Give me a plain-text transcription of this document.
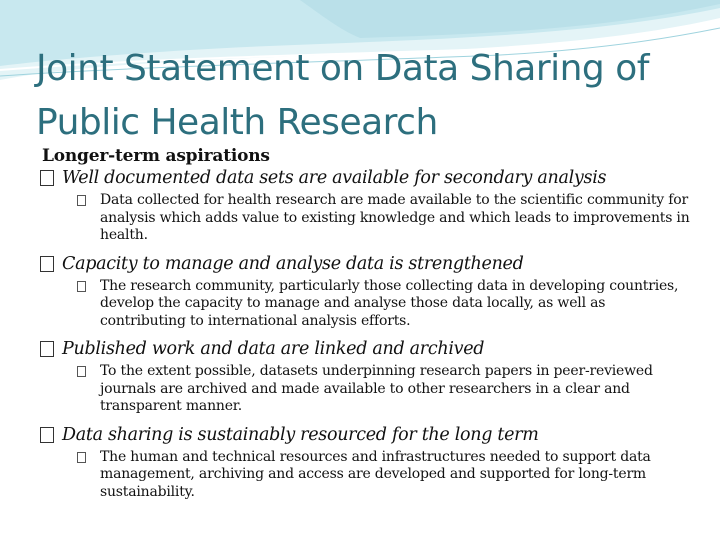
Joint Statement on Data Sharing of Public Health Research
Longer-term aspirations
Well documented data sets are available for secondary analysis
Data collected for health research are made available to the scientific community for analysis which adds value to existing knowledge and which leads to improvements in health.
Capacity to manage and analyse data is strengthened
The research community, particularly those collecting data in developing countries, develop the capacity to manage and analyse those data locally, as well as contributing to international analysis efforts.
Published work and data are linked and archived
To the extent possible, datasets underpinning research papers in peer-reviewed journals are archived and made available to other researchers in a clear and transparent manner.
Data sharing is sustainably resourced for the long term
The human and technical resources and infrastructures needed to support data management, archiving and access are developed and supported for long-term sustainability.
